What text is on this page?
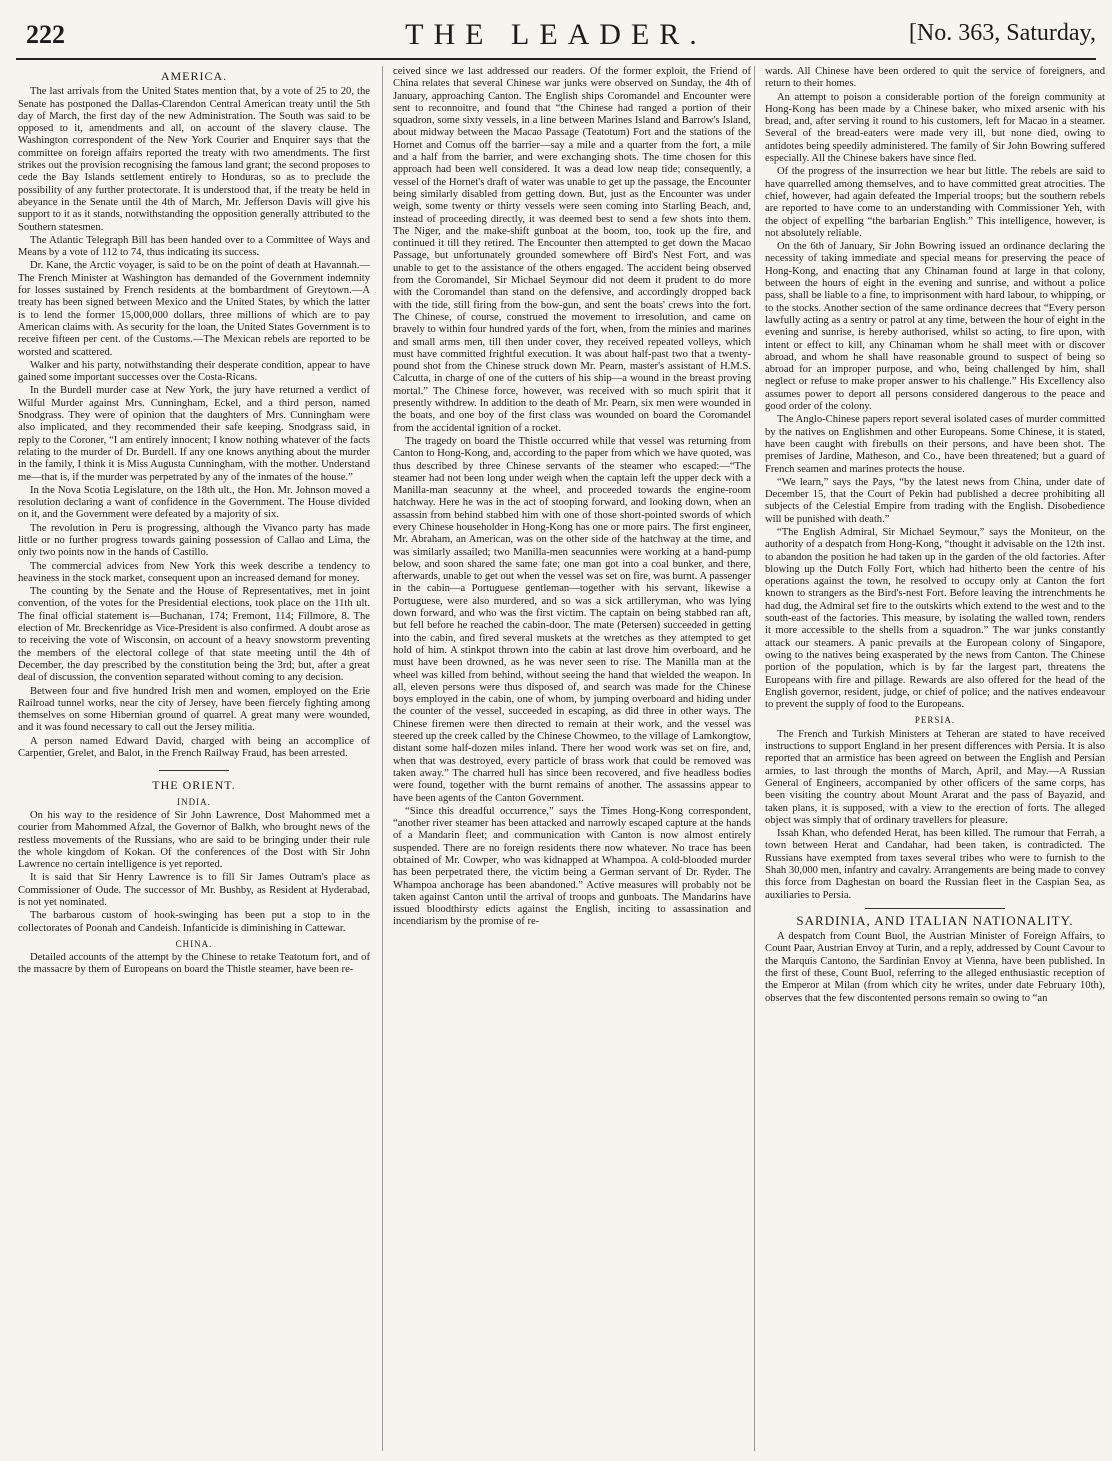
222	THE LEADER.	[No. 363, Saturday,
AMERICA.

The last arrivals from the United States mention that, by a vote of 25 to 20, the Senate has postponed the Dallas-Clarendon Central American treaty until the 5th day of March, the first day of the new Administration. The South was said to be opposed to it, amendments and all, on account of the slavery clause. The Washington correspondent of the New York Courier and Enquirer says that the committee on foreign affairs reported the treaty with two amendments. The first strikes out the provision recognising the famous land grant; the second proposes to cede the Bay Islands settlement entirely to Honduras, so as to preclude the possibility of any further protectorate. It is understood that, if the treaty be held in abeyance in the Senate until the 4th of March, Mr. Jefferson Davis will give his support to it as it stands, notwithstanding the opposition generally attributed to the Southern statesmen.

The Atlantic Telegraph Bill has been handed over to a Committee of Ways and Means by a vote of 112 to 74, thus indicating its success.

Dr. Kane, the Arctic voyager, is said to be on the point of death at Havannah.—The French Minister at Washington has demanded of the Government indemnity for losses sustained by French residents at the bombardment of Greytown.—A treaty has been signed between Mexico and the United States, by which the latter is to lend the former 15,000,000 dollars, three millions of which are to pay American claims with. As security for the loan, the United States Government is to receive fifteen per cent. of the Customs.—The Mexican rebels are reported to be worsted and scattered.

Walker and his party, notwithstanding their desperate condition, appear to have gained some important successes over the Costa-Ricans.

In the Burdell murder case at New York, the jury have returned a verdict of Wilful Murder against Mrs. Cunningham, Eckel, and a third person, named Snodgrass. They were of opinion that the daughters of Mrs. Cunningham were also implicated, and they recommended their safe keeping. Snodgrass said, in reply to the Coroner, “I am entirely innocent; I know nothing whatever of the facts relating to the murder of Dr. Burdell. If any one knows anything about the murder in the family, I think it is Miss Augusta Cunningham, with the mother. Understand me—that is, if the murder was perpetrated by any of the inmates of the house.”

In the Nova Scotia Legislature, on the 18th ult., the Hon. Mr. Johnson moved a resolution declaring a want of confidence in the Government. The House divided on it, and the Government were defeated by a majority of six.

The revolution in Peru is progressing, although the Vivanco party has made little or no further progress towards gaining possession of Callao and Lima, the only two points now in the hands of Castillo.

The commercial advices from New York this week describe a tendency to heaviness in the stock market, consequent upon an increased demand for money.

The counting by the Senate and the House of Representatives, met in joint convention, of the votes for the Presidential elections, took place on the 11th ult. The final official statement is—Buchanan, 174; Fremont, 114; Fillmore, 8. The election of Mr. Breckenridge as Vice-President is also confirmed. A doubt arose as to receiving the vote of Wisconsin, on account of a heavy snowstorm preventing the members of the electoral college of that state meeting until the 4th of December, the day prescribed by the constitution being the 3rd; but, after a great deal of discussion, the convention separated without coming to any decision.

Between four and five hundred Irish men and women, employed on the Erie Railroad tunnel works, near the city of Jersey, have been fiercely fighting among themselves on some Hibernian ground of quarrel. A great many were wounded, and it was found necessary to call out the Jersey militia.

A person named Edward David, charged with being an accomplice of Carpentier, Grelet, and Balot, in the French Railway Fraud, has been arrested.

THE ORIENT.
INDIA.

On his way to the residence of Sir John Lawrence, Dost Mahommed met a courier from Mahommed Afzal, the Governor of Balkh, who brought news of the restless movements of the Russians, who are said to be bringing under their rule the whole kingdom of Kokan. Of the conferences of the Dost with Sir John Lawrence no certain intelligence is yet reported.

It is said that Sir Henry Lawrence is to fill Sir James Outram's place as Commissioner of Oude. The successor of Mr. Bushby, as Resident at Hyderabad, is not yet nominated.

The barbarous custom of hook-swinging has been put a stop to in the collectorates of Poonah and Candeish. Infanticide is diminishing in Cattewar.

CHINA.

Detailed accounts of the attempt by the Chinese to retake Teatotum fort, and of the massacre by them of Europeans on board the Thistle steamer, have been re-

ceived since we last addressed our readers. Of the former exploit, the Friend of China relates that several Chinese war junks were observed on Sunday, the 4th of January, approaching Canton. The English ships Coromandel and Encounter were sent to reconnoitre, and found that “the Chinese had ranged a portion of their squadron, some sixty vessels, in a line between Marines Island and Barrow's Island, about midway between the Macao Passage (Teatotum) Fort and the stations of the Hornet and Comus off the barrier—say a mile and a quarter from the fort, a mile and a half from the barrier, and were exchanging shots. The time chosen for this approach had been well considered. It was a dead low neap tide; consequently, a vessel of the Hornet's draft of water was unable to get up the passage, the Encounter being similarly disabled from getting down. But, just as the Encounter was under weigh, some twenty or thirty vessels were seen coming into Starling Beach, and, instead of proceeding directly, it was deemed best to send a few shots into them. The Niger, and the make-shift gunboat at the boom, too, took up the fire, and continued it till they retired. The Encounter then attempted to get down the Macao Passage, but unfortunately grounded somewhere off Bird's Nest Fort, and was unable to get to the assistance of the others engaged. The accident being observed from the Coromandel, Sir Michael Seymour did not deem it prudent to do more with the Coromandel than stand on the defensive, and accordingly dropped back with the tide, still firing from the bow-gun, and sent the boats' crews into the fort. The Chinese, of course, construed the movement to irresolution, and came on bravely to within four hundred yards of the fort, when, from the minies and marines and small arms men, till then under cover, they received repeated volleys, which must have committed frightful execution. It was about half-past two that a twenty-pound shot from the Chinese struck down Mr. Pearn, master's assistant of H.M.S. Calcutta, in charge of one of the cutters of his ship—a wound in the breast proving mortal.” The Chinese force, however, was received with so much spirit that it presently withdrew. In addition to the death of Mr. Pearn, six men were wounded in the boats, and one boy of the first class was wounded on board the Coromandel from the accidental ignition of a rocket.

The tragedy on board the Thistle occurred while that vessel was returning from Canton to Hong-Kong, and, according to the paper from which we have quoted, was thus described by three Chinese servants of the steamer who escaped:—“The steamer had not been long under weigh when the captain left the upper deck with a Manilla-man seacunny at the wheel, and proceeded towards the engine-room hatchway. Here he was in the act of stooping forward, and looking down, when an assassin from behind stabbed him with one of those short-pointed swords of which every Chinese householder in Hong-Kong has one or more pairs. The first engineer, Mr. Abraham, an American, was on the other side of the hatchway at the time, and was similarly assailed; two Manilla-men seacunnies were working at a hand-pump below, and soon shared the same fate; one man got into a coal bunker, and there, afterwards, unable to get out when the vessel was set on fire, was burnt. A passenger in the cabin—a Portuguese gentleman—together with his servant, likewise a Portuguese, were also murdered, and so was a sick artilleryman, who was lying down forward, and who was the first victim. The captain on being stabbed ran aft, but fell before he reached the cabin-door. The mate (Petersen) succeeded in getting into the cabin, and fired several muskets at the wretches as they attempted to get hold of him. A stinkpot thrown into the cabin at last drove him overboard, and he must have been drowned, as he was never seen to rise. The Manilla man at the wheel was killed from behind, without seeing the hand that wielded the weapon. In all, eleven persons were thus disposed of, and search was made for the Chinese boys employed in the cabin, one of whom, by jumping overboard and hiding under the counter of the vessel, succeeded in escaping, as did three in other ways. The Chinese firemen were then directed to remain at their work, and the vessel was steered up the creek called by the Chinese Chowmeo, to the village of Lamkongtow, distant some half-dozen miles inland. There her wood work was set on fire, and, when that was destroyed, every particle of brass work that could be removed was taken away.” The charred hull has since been recovered, and five headless bodies were found, together with the burnt remains of another. The assassins appear to have been agents of the Canton Government.

“Since this dreadful occurrence,” says the Times Hong-Kong correspondent, “another river steamer has been attacked and narrowly escaped capture at the hands of a Mandarin fleet; and communication with Canton is now almost entirely suspended. There are no foreign residents there now whatever. No trace has been obtained of Mr. Cowper, who was kidnapped at Whampoa. A cold-blooded murder has been perpetrated there, the victim being a German servant of Dr. Ryder. The Whampoa anchorage has been abandoned.” Active measures will probably not be taken against Canton until the arrival of troops and gunboats. The Mandarins have issued bloodthirsty edicts against the English, inciting to assassination and incendiarism by the promise of re-

wards. All Chinese have been ordered to quit the service of foreigners, and return to their homes.

An attempt to poison a considerable portion of the foreign community at Hong-Kong has been made by a Chinese baker, who mixed arsenic with his bread, and, after serving it round to his customers, left for Macao in a steamer. Several of the bread-eaters were made very ill, but none died, owing to antidotes being speedily administered. The family of Sir John Bowring suffered especially. All the Chinese bakers have since fled.

Of the progress of the insurrection we hear but little. The rebels are said to have quarrelled among themselves, and to have committed great atrocities. The chief, however, had again defeated the Imperial troops; but the southern rebels are reported to have come to an understanding with Commissioner Yeh, with the object of expelling “the barbarian English.” This intelligence, however, is not absolutely reliable.

On the 6th of January, Sir John Bowring issued an ordinance declaring the necessity of taking immediate and special means for preserving the peace of Hong-Kong, and enacting that any Chinaman found at large in that colony, between the hours of eight in the evening and sunrise, and without a police pass, shall be liable to a fine, to imprisonment with hard labour, to whipping, or to the stocks. Another section of the same ordinance decrees that “Every person lawfully acting as a sentry or patrol at any time, between the hour of eight in the evening and sunrise, is hereby authorised, whilst so acting, to fire upon, with intent or effect to kill, any Chinaman whom he shall meet with or discover abroad, and whom he shall have reasonable ground to suspect of being so abroad for an improper purpose, and who, being challenged by him, shall neglect or refuse to make proper answer to his challenge.” His Excellency also assumes power to deport all persons considered dangerous to the peace and good order of the colony.

The Anglo-Chinese papers report several isolated cases of murder committed by the natives on Englishmen and other Europeans. Some Chinese, it is stated, have been caught with firebulls on their persons, and have been shot. The premises of Jardine, Matheson, and Co., have been threatened; but a guard of French seamen and marines protects the house.

“We learn,” says the Pays, “by the latest news from China, under date of December 15, that the Court of Pekin had published a decree prohibiting all subjects of the Celestial Empire from trading with the English. Disobedience will be punished with death.”

“The English Admiral, Sir Michael Seymour,” says the Moniteur, on the authority of a despatch from Hong-Kong, “thought it advisable on the 12th inst. to abandon the position he had taken up in the garden of the old factories. After blowing up the Dutch Folly Fort, which had hitherto been the centre of his operations against the town, he resolved to occupy only at Canton the fort known to strangers as the Bird's-nest Fort. Before leaving the intrenchments he had dug, the Admiral set fire to the outskirts which extend to the west and to the south-east of the factories. This measure, by isolating the walled town, renders it more accessible to the shells from a squadron.” The war junks constantly attack our steamers. A panic prevails at the European colony of Singapore, owing to the natives being exasperated by the news from Canton. The Chinese portion of the population, which is by far the largest part, threatens the Europeans with fire and pillage. Rewards are also offered for the head of the English governor, resident, judge, or chief of police; and the natives endeavour to prevent the supply of food to the Europeans.

PERSIA.

The French and Turkish Ministers at Teheran are stated to have received instructions to support England in her present differences with Persia. It is also reported that an armistice has been agreed on between the English and Persian armies, to last through the months of March, April, and May.—A Russian General of Engineers, accompanied by other officers of the same corps, has been visiting the country about Mount Ararat and the pass of Bayazid, and taken plans, it is supposed, with a view to the erection of forts. The alleged object was simply that of ordinary travellers for pleasure.

Issah Khan, who defended Herat, has been killed. The rumour that Ferrah, a town between Herat and Candahar, had been taken, is contradicted. The Russians have exempted from taxes several tribes who were to furnish to the Shah 30,000 men, infantry and cavalry. Arrangements are being made to convey this force from Daghestan on board the Russian fleet in the Caspian Sea, as auxiliaries to Persia.

SARDINIA, AND ITALIAN NATIONALITY.

A despatch from Count Buol, the Austrian Minister of Foreign Affairs, to Count Paar, Austrian Envoy at Turin, and a reply, addressed by Count Cavour to the Marquis Cantono, the Sardinian Envoy at Vienna, have been published. In the first of these, Count Buol, referring to the alleged enthusiastic reception of the Emperor at Milan (from which city he writes, under date February 10th), observes that the few discontented persons remain so owing to “an
